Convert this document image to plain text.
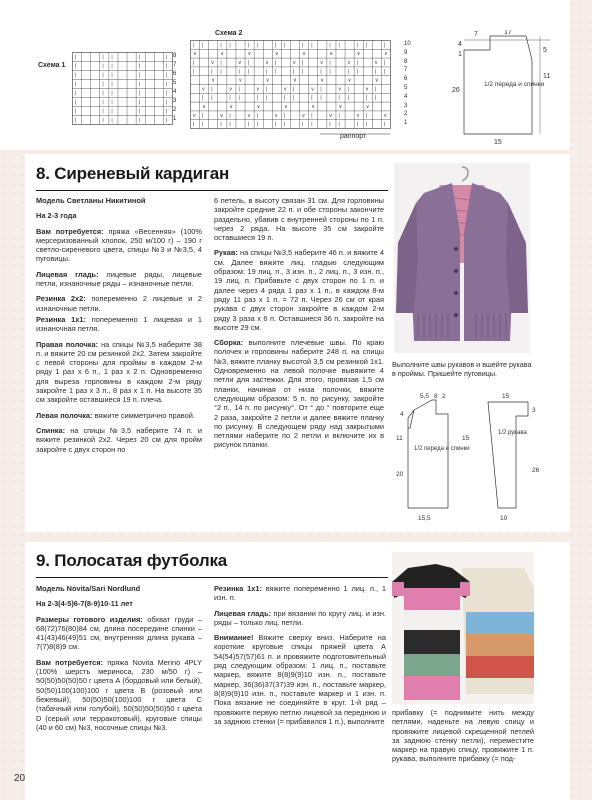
Схема 1
|	| |	|	|
|	| |	|	|
|	| |	|	|
|	| |	|	|
|	| |	|	|
|	| |	|	|
|	| |	|	|
|	| |	|	|
8
7
6
5
4
3
2
1
Схема 2
| |	| |	| |	| |	| |	| |	| |	|
∨	∨	∨	∨	∨	∨	∨	∨
|	v |	v |	v |	v |	v |	v |	v |
|	| |	| |	| |	| |	| |	| |	| |
∨	∨	∨	∨	∨	∨	∨
v |	v |	v |	v |	v |	v |	v |
| |	| |	| |	| |	| |	| |	| |
∨	∨	∨	∨	∨	∨	∨
v |	v |	v |	v |	v |	v |	v |	v
| |	| |	| |	| |	| |	| |	| |	|
10
9
8
7
6
5
4
3
2
1
раппорт
7	17
4
1
5
11
26
15
1/2 переда и спинки
8. Сиреневый кардиган

Модель Светланы Никитиной

На 2-3 года

Вам потребуется: пряжа «Весенняя» (100% мерсеризованный хлопок, 250 м/100 г) – 190 г светло-сиреневого цвета, спицы №3 и №3,5, 4 пуговицы.

Лицевая гладь: лицевые ряды, лицевые петли, изнаночные ряды – изнаночные петли.

Резинка 2х2: попеременно 2 лицевые и 2 изнаночные петли.

Резинка 1х1: попеременно 1 лицевая и 1 изнаночная петля.

Правая полочка: на спицы №3,5 наберите 38 п. и вяжите 20 см резинкой 2х2. Затем закройте с левой стороны для проймы в каждом 2-м ряду 1 раз х 6 п., 1 раз х 2 п. Одновременно для выреза горловины в каждом 2-м ряду закройте 1 раз х 3 п., 8 раз х 1 п. На высоте 35 см закройте оставшиеся 19 п. плеча.

Левая полочка: вяжите симметрично правой.

Спинка: на спицы №3,5 наберите 74 п. и вяжите резинкой 2х2. Через 20 см для пройм закройте с двух сторон по

6 петель, в высоту связан 31 см. Для горловины закройте средние 22 п. и обе стороны закончите раздельно, убавив с внутренней стороны по 1 п. через 2 ряда. На высоте 35 см закройте оставшиеся 19 п.

Рукав: на спицы №3,5 наберите 46 п. и вяжите 4 см. Далее вяжите лиц. гладью следующим образом: 19 лиц. п., 3 изн. п., 2 лиц. п., 3 изн. п., 19 лиц. п. Прибавьте с двух сторон по 1 п. и далее через 4 ряда 1 раз х 1 п., в каждом 8-м ряду 11 раз х 1 п. = 72 п. Через 26 см от края рукава с двух сторон закройте в каждом 2-м ряду 3 раза х 6 п. Оставшиеся 36 п. закройте на высоте 29 см.

Сборка: выполните плечевые швы. По краю полочек и горловины наберите 248 п. на спицы №3, вяжите планку высотой 3,5 см резинкой 1х1. Одновременно на левой полочке вывяжите 4 петли для застежки. Для этого, провязав 1,5 см планки, начиная от низа полочки, вяжите следующим образом: 5 п. по рисунку, закройте °2 п., 14 п. по рисунку°. От ° до ° повторите еще 2 раза, закройте 2 петли и далее вяжите планку по рисунку. В следующем ряду над закрытыми петлями наберите по 2 петли и включите их в рисунок планки.

Выполните швы рукавов и вшейте рукава в проймы. Пришейте пуговицы.
5,5 8 2
4
11
20
15,5
15
1/2 переда и спинки
15
3
26
10
1/2 рукава
9. Полосатая футболка

Модель Novita/Sari Nordlund

На 2-3(4-5)6-7(8-9)10-11 лет

Размеры готового изделия: обхват груди – 68(72)76(80)84 см, длина посередине спинки – 41(43)46(49)51 см, внутренняя длина рукава – 7(7)8(8)9 см.

Вам потребуется: пряжа Novita Merino 4PLY (100% шерсть мериноса, 230 м/50 г) – 50(50)50(50)50 г цвета А (бордовый или белый), 50(50)100(100)100 г цвета В (розовый или бежевый), 50(50)50(100)100 г цвета С (табачный или голубой), 50(50)50(50)50 г цвета D (серый или терракотовый), круговые спицы (40 и 60 см) №3, носочные спицы №3.

Резинка 1х1: вяжите попеременно 1 лиц. п., 1 изн. п.

Лицевая гладь: при вязании по кругу лиц. и изн. ряды – только лиц. петли.

Внимание! Вяжите сверху вниз. Наберите на короткие круговые спицы пряжей цвета А 54(54)57(57)61 п. и провяжите подготовительный ряд следующим образом: 1 лиц. п., поставьте маркер, вяжите 8(8)9(9)10 изн. п., поставьте маркер, 36(36)37(37)39 изн. п., поставьте маркер, 8(8)9(9)10 изн. п., поставьте маркер и 1 изн. п. Пока вязание не соединяйте в круг. 1-й ряд – провяжите первую петлю лицевой за переднюю и за заднюю стенки (= прибавился 1 п.), выполните

прибавку (= поднимите нить между петлями, наденьте на левую спицу и провяжите лицевой скрещенной петлей за заднюю стенку петли), переместите маркер на правую спицу, провяжите 1 п. рукава, выполните прибавку (= под-

20
